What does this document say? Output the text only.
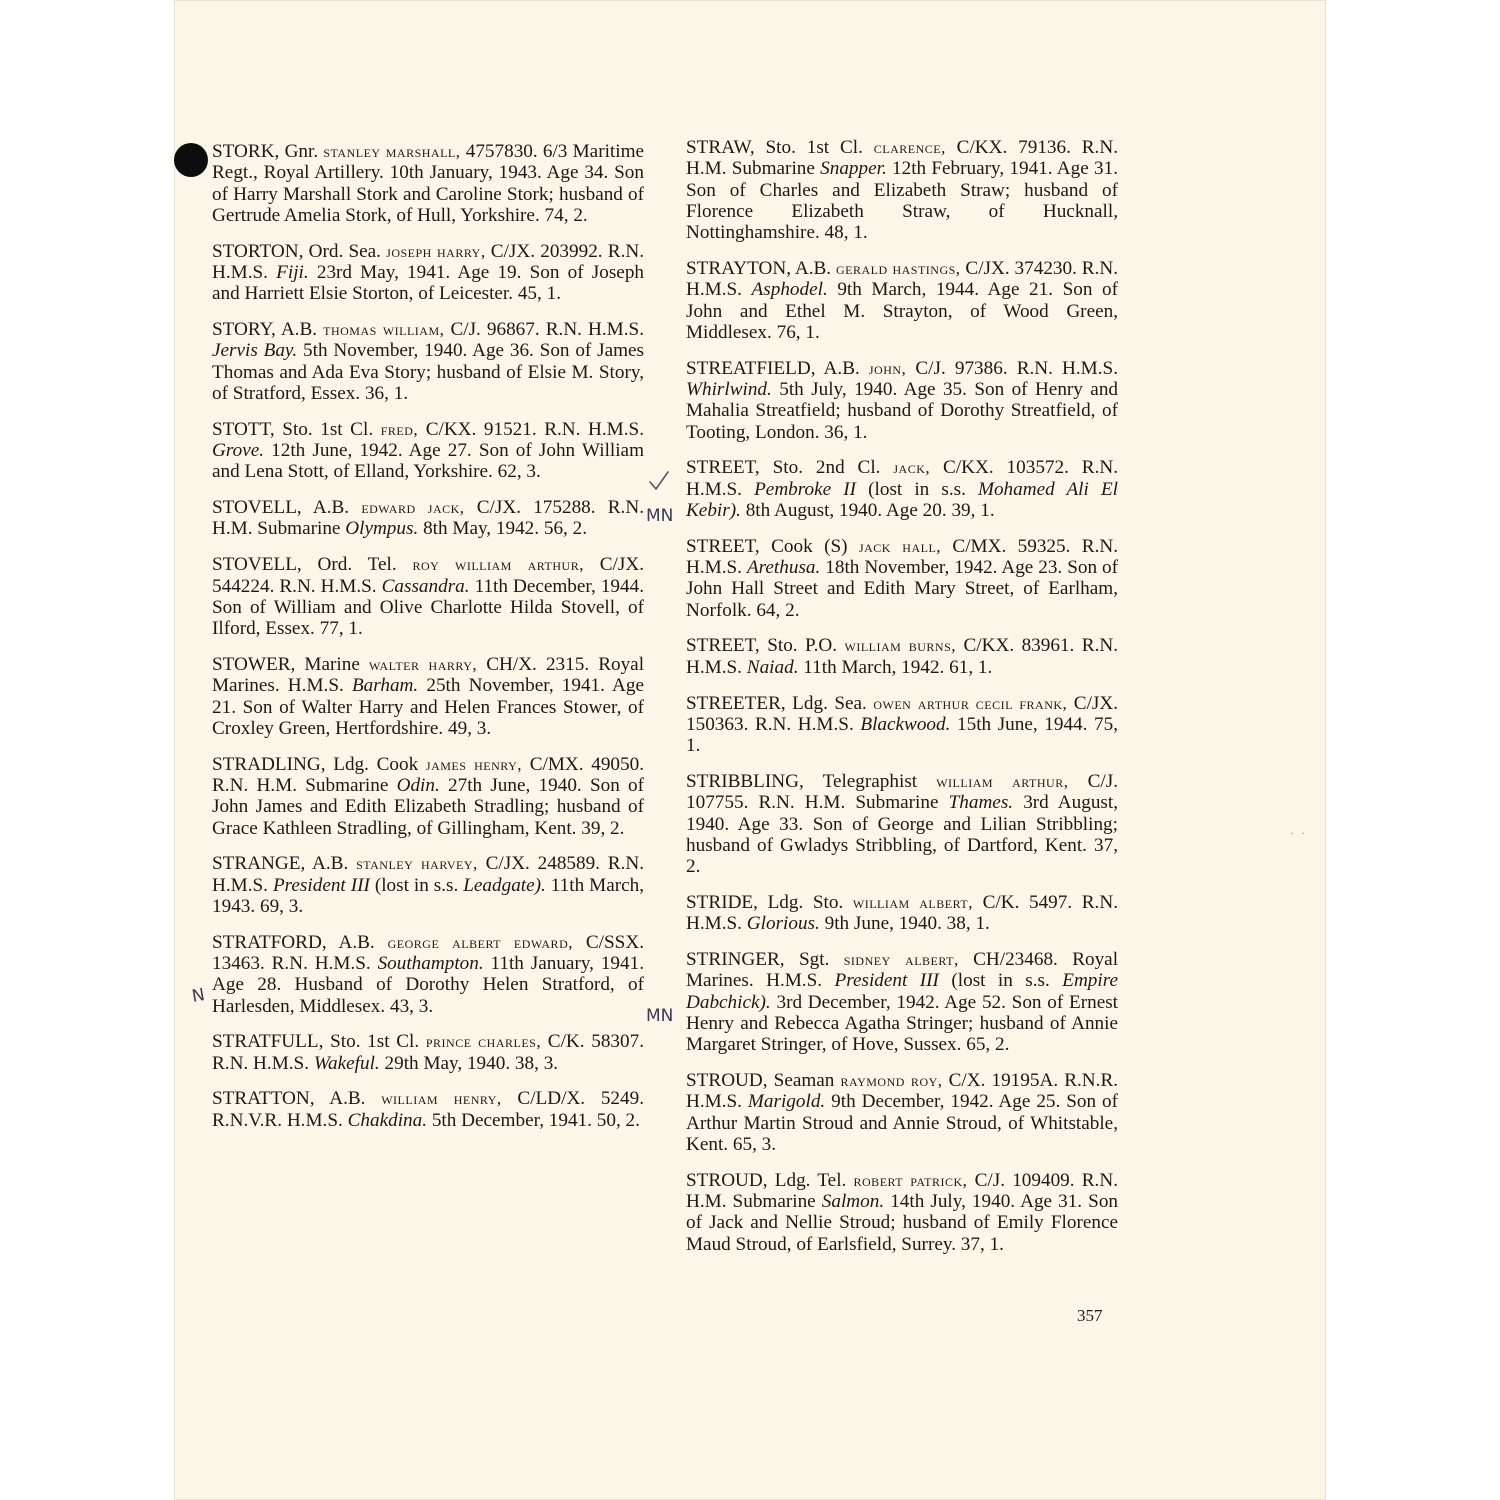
STORK, Gnr. stanley marshall, 4757830. 6/3 Maritime Regt., Royal Artillery. 10th January, 1943. Age 34. Son of Harry Marshall Stork and Caroline Stork; husband of Gertrude Amelia Stork, of Hull, Yorkshire. 74, 2.

STORTON, Ord. Sea. joseph harry, C/JX. 203992. R.N. H.M.S. Fiji. 23rd May, 1941. Age 19. Son of Joseph and Harriett Elsie Storton, of Leicester. 45, 1.

STORY, A.B. thomas william, C/J. 96867. R.N. H.M.S. Jervis Bay. 5th November, 1940. Age 36. Son of James Thomas and Ada Eva Story; husband of Elsie M. Story, of Stratford, Essex. 36, 1.

STOTT, Sto. 1st Cl. fred, C/KX. 91521. R.N. H.M.S. Grove. 12th June, 1942. Age 27. Son of John William and Lena Stott, of Elland, Yorkshire. 62, 3.

STOVELL, A.B. edward jack, C/JX. 175288. R.N. H.M. Submarine Olympus. 8th May, 1942. 56, 2.

STOVELL, Ord. Tel. roy william arthur, C/JX. 544224. R.N. H.M.S. Cassandra. 11th December, 1944. Son of William and Olive Charlotte Hilda Stovell, of Ilford, Essex. 77, 1.

STOWER, Marine walter harry, CH/X. 2315. Royal Marines. H.M.S. Barham. 25th November, 1941. Age 21. Son of Walter Harry and Helen Frances Stower, of Croxley Green, Hertfordshire. 49, 3.

STRADLING, Ldg. Cook james henry, C/MX. 49050. R.N. H.M. Submarine Odin. 27th June, 1940. Son of John James and Edith Elizabeth Stradling; husband of Grace Kathleen Stradling, of Gillingham, Kent. 39, 2.

STRANGE, A.B. stanley harvey, C/JX. 248589. R.N. H.M.S. President III (lost in s.s. Leadgate). 11th March, 1943. 69, 3.

STRATFORD, A.B. george albert edward, C/SSX. 13463. R.N. H.M.S. Southampton. 11th January, 1941. Age 28. Husband of Dorothy Helen Stratford, of Harlesden, Middlesex. 43, 3.

STRATFULL, Sto. 1st Cl. prince charles, C/K. 58307. R.N. H.M.S. Wakeful. 29th May, 1940. 38, 3.

STRATTON, A.B. william henry, C/LD/X. 5249. R.N.V.R. H.M.S. Chakdina. 5th December, 1941. 50, 2.

STRAW, Sto. 1st Cl. clarence, C/KX. 79136. R.N. H.M. Submarine Snapper. 12th February, 1941. Age 31. Son of Charles and Elizabeth Straw; husband of Florence Elizabeth Straw, of Hucknall, Nottinghamshire. 48, 1.

STRAYTON, A.B. gerald hastings, C/JX. 374230. R.N. H.M.S. Asphodel. 9th March, 1944. Age 21. Son of John and Ethel M. Strayton, of Wood Green, Middlesex. 76, 1.

STREATFIELD, A.B. john, C/J. 97386. R.N. H.M.S. Whirlwind. 5th July, 1940. Age 35. Son of Henry and Mahalia Streatfield; husband of Dorothy Streatfield, of Tooting, London. 36, 1.

STREET, Sto. 2nd Cl. jack, C/KX. 103572. R.N. H.M.S. Pembroke II (lost in s.s. Mohamed Ali El Kebir). 8th August, 1940. Age 20. 39, 1.

STREET, Cook (S) jack hall, C/MX. 59325. R.N. H.M.S. Arethusa. 18th November, 1942. Age 23. Son of John Hall Street and Edith Mary Street, of Earlham, Norfolk. 64, 2.

STREET, Sto. P.O. william burns, C/KX. 83961. R.N. H.M.S. Naiad. 11th March, 1942. 61, 1.

STREETER, Ldg. Sea. owen arthur cecil frank, C/JX. 150363. R.N. H.M.S. Blackwood. 15th June, 1944. 75, 1.

STRIBBLING, Telegraphist william arthur, C/J. 107755. R.N. H.M. Submarine Thames. 3rd August, 1940. Age 33. Son of George and Lilian Stribbling; husband of Gwladys Stribbling, of Dartford, Kent. 37, 2.

STRIDE, Ldg. Sto. william albert, C/K. 5497. R.N. H.M.S. Glorious. 9th June, 1940. 38, 1.

STRINGER, Sgt. sidney albert, CH/23468. Royal Marines. H.M.S. President III (lost in s.s. Empire Dabchick). 3rd December, 1942. Age 52. Son of Ernest Henry and Rebecca Agatha Stringer; husband of Annie Margaret Stringer, of Hove, Sussex. 65, 2.

STROUD, Seaman raymond roy, C/X. 19195A. R.N.R. H.M.S. Marigold. 9th December, 1942. Age 25. Son of Arthur Martin Stroud and Annie Stroud, of Whitstable, Kent. 65, 3.

STROUD, Ldg. Tel. robert patrick, C/J. 109409. R.N. H.M. Submarine Salmon. 14th July, 1940. Age 31. Son of Jack and Nellie Stroud; husband of Emily Florence Maud Stroud, of Earlsfield, Surrey. 37, 1.

357
MN
MN
N
· ·
